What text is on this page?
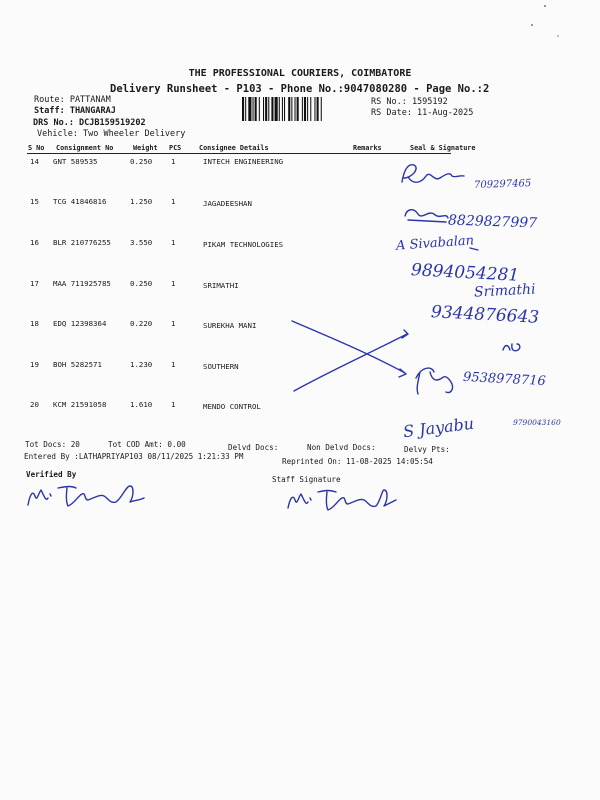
THE PROFESSIONAL COURIERS, COIMBATORE
Delivery Runsheet - P103 - Phone No.:9047080280 - Page No.:2
Route: PATTANAM
Staff: THANGARAJ
DRS No.: DCJB159519202
Vehicle: Two Wheeler Delivery
RS No.: 1595192
RS Date: 11-Aug-2025
S No Consignment No	Weight PCS	Consignee Details	Remarks	Seal & Signature
14 GNT 589535	0.250	1	INTECH ENGINEERING
15 TCG 41846816	1.250	1	JAGADEESHAN
16 BLR 210776255	3.550	1	PIKAM TECHNOLOGIES
17 MAA 711925785	0.250	1	SRIMATHI
18 EDQ 12398364	0.220	1	SUREKHA MANI
19 BOH 5282571	1.230	1	SOUTHERN
20 KCM 21591058	1.610	1	MENDO CONTROL
Tot Docs: 20	Tot COD Amt: 0.00	Delvd Docs:	Non Delvd Docs:	Delvy Pts:
Entered By :LATHAPRIYAP103 08/11/2025 1:21:33 PM
Reprinted On: 11-08-2025 14:05:54
Verified By
Staff Signature
709297465
8829827997
A Sivabalan
9894054281
Srimathi
9344876643
9538978716
S Jayabu	9790043160
